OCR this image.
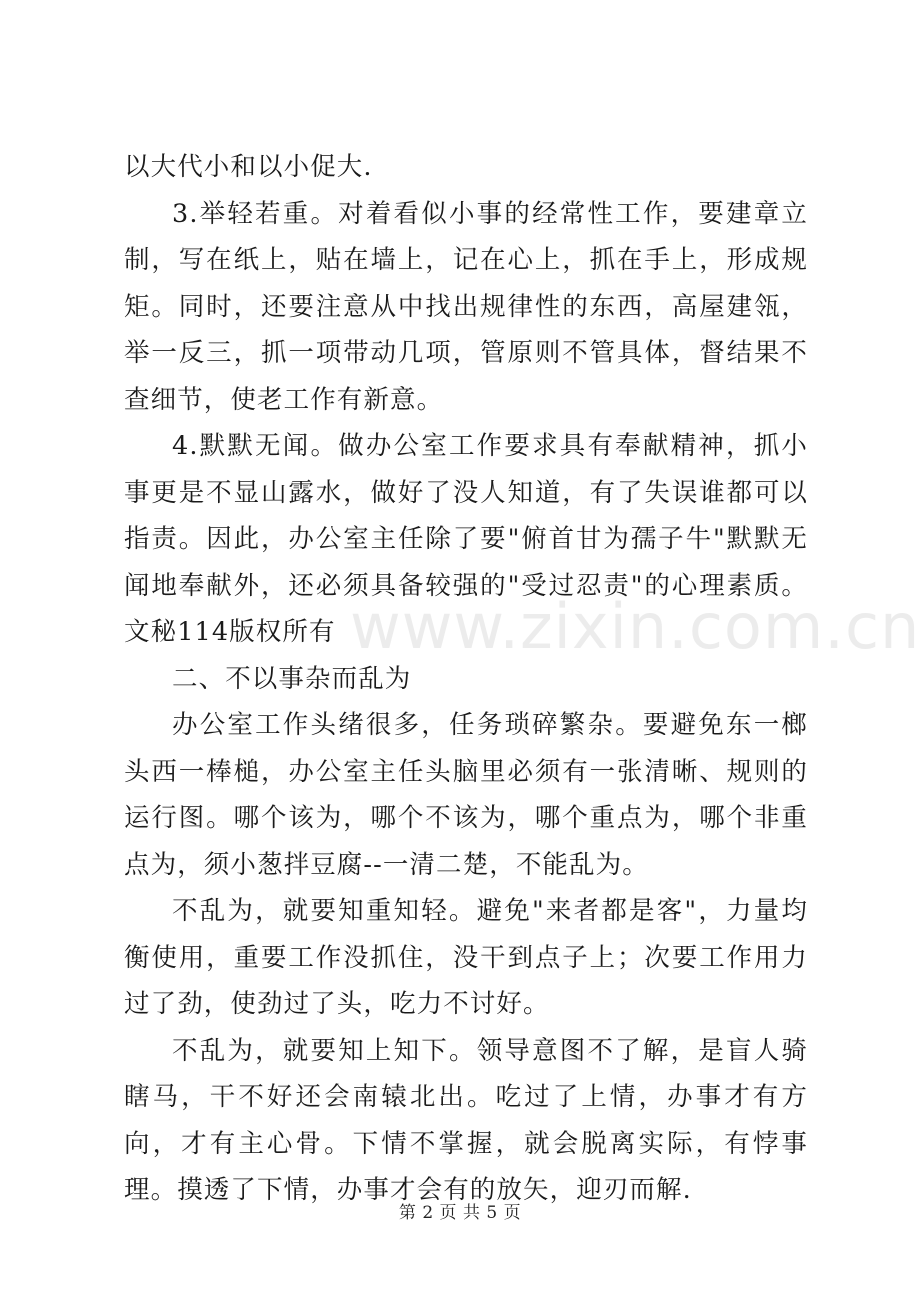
以大代小和以小促大.

3.举轻若重。对着看似小事的经常性工作，要建章立制，写在纸上，贴在墙上，记在心上，抓在手上，形成规矩。同时，还要注意从中找出规律性的东西，高屋建瓴，举一反三，抓一项带动几项，管原则不管具体，督结果不查细节，使老工作有新意。

4.默默无闻。做办公室工作要求具有奉献精神，抓小事更是不显山露水，做好了没人知道，有了失误谁都可以指责。因此，办公室主任除了要"俯首甘为孺子牛"默默无闻地奉献外，还必须具备较强的"受过忍责"的心理素质。文秘114版权所有

二、不以事杂而乱为

办公室工作头绪很多，任务琐碎繁杂。要避免东一榔头西一棒槌，办公室主任头脑里必须有一张清晰、规则的运行图。哪个该为，哪个不该为，哪个重点为，哪个非重点为，须小葱拌豆腐--一清二楚，不能乱为。

不乱为，就要知重知轻。避免"来者都是客"，力量均衡使用，重要工作没抓住，没干到点子上；次要工作用力过了劲，使劲过了头，吃力不讨好。

不乱为，就要知上知下。领导意图不了解，是盲人骑瞎马，干不好还会南辕北出。吃过了上情，办事才有方向，才有主心骨。下情不掌握，就会脱离实际，有悖事理。摸透了下情，办事才会有的放矢，迎刃而解.

www.zixin.com.cn
第 2 页 共 5 页
